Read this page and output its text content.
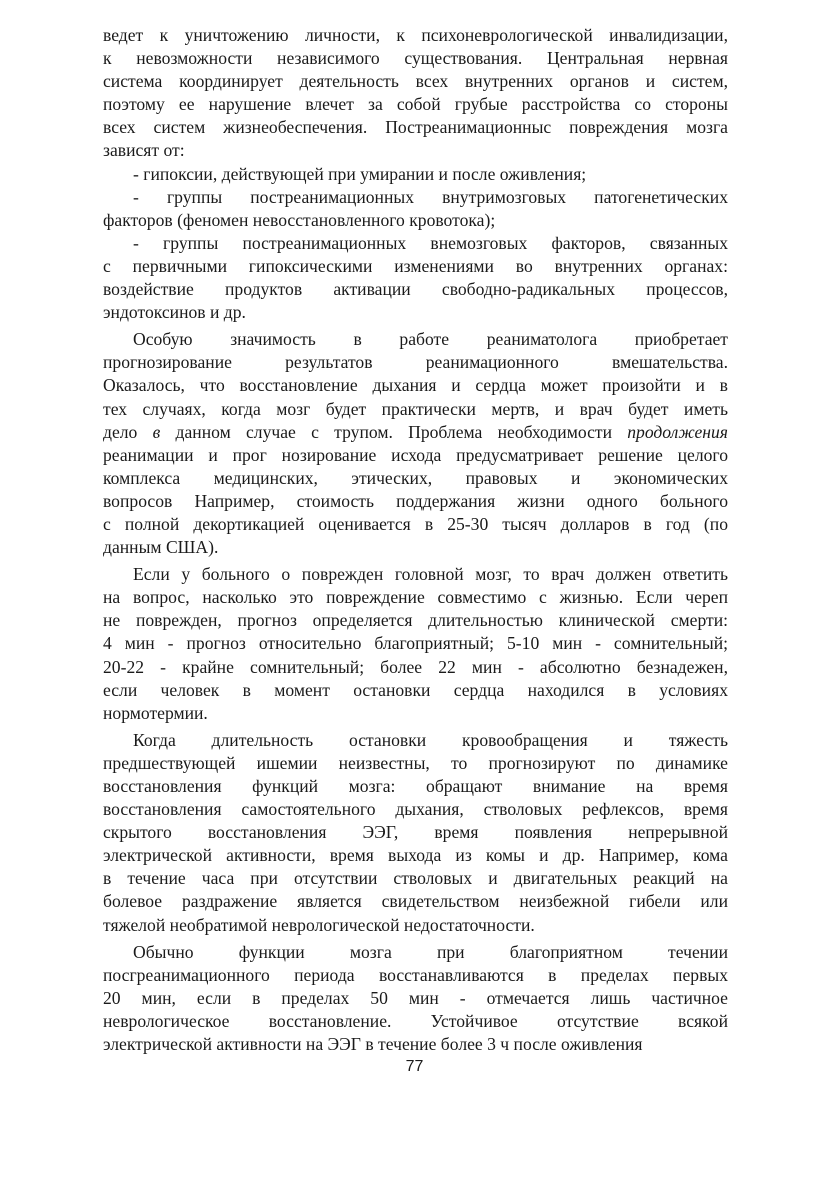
ведет к уничтожению личности, к психоневрологической инвалидизации,
к невозможности независимого существования. Центральная нервная
система координирует деятельность всех внутренних органов и систем,
поэтому ее нарушение влечет за собой грубые расстройства со стороны
всех систем жизнеобеспечения. Постреанимационныс повреждения мозга
зависят от:

- гипоксии, действующей при умирании и после оживления;

- группы постреанимационных внутримозговых патогенетических
факторов (феномен невосстановленного кровотока);

- группы постреанимационных внемозговых факторов, связанных
с первичными гипоксическими изменениями во внутренних органах:
воздействие продуктов активации свободно-радикальных процессов,
эндотоксинов и др.

Особую значимость в работе реаниматолога приобретает
прогнозирование результатов реанимационного вмешательства.
Оказалось, что восстановление дыхания и сердца может произойти и в
тех случаях, когда мозг будет практически мертв, и врач будет иметь
дело в данном случае с трупом. Проблема необходимости продолжения
реанимации и прог нозирование исхода предусматривает решение целого
комплекса медицинских, этических, правовых и экономических
вопросов Например, стоимость поддержания жизни одного больного
с полной декортикацией оценивается в 25-30 тысяч долларов в год (по
данным США).

Если у больного о поврежден головной мозг, то врач должен ответить
на вопрос, насколько это повреждение совместимо с жизнью. Если череп
не поврежден, прогноз определяется длительностью клинической смерти:
4 мин - прогноз относительно благоприятный; 5-10 мин - сомнительный;
20-22 - крайне сомнительный; более 22 мин - абсолютно безнадежен,
если человек в момент остановки сердца находился в условиях
нормотермии.

Когда длительность остановки кровообращения и тяжесть
предшествующей ишемии неизвестны, то прогнозируют по динамике
восстановления функций мозга: обращают внимание на время
восстановления самостоятельного дыхания, стволовых рефлексов, время
скрытого восстановления ЭЭГ, время появления непрерывной
электрической активности, время выхода из комы и др. Например, кома
в течение часа при отсутствии стволовых и двигательных реакций на
болевое раздражение является свидетельством неизбежной гибели или
тяжелой необратимой неврологической недостаточности.

Обычно функции мозга при благоприятном течении
посгреанимационного периода восстанавливаются в пределах первых
20 мин, если в пределах 50 мин - отмечается лишь частичное
неврологическое восстановление. Устойчивое отсутствие всякой
электрической активности на ЭЭГ в течение более 3 ч после оживления

77
